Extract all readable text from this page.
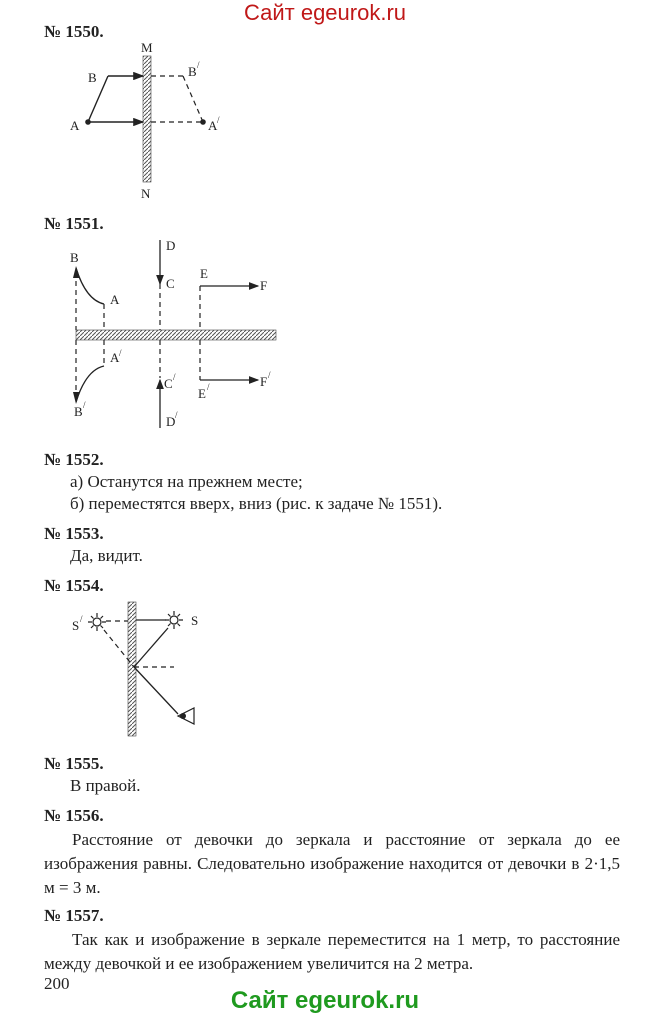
Сайт egeurok.ru
№ 1550.
M
N
A
B
A /
B /
B
A
D
C
E
F
A /
B /
C /
D /
E /	F /
S /	S
№ 1551.
№ 1552.
а) Останутся на прежнем месте;
б) переместятся вверх, вниз (рис. к задаче № 1551).
№ 1553.
Да, видит.
№ 1554.
№ 1555.
В правой.
№ 1556.
Расстояние от девочки до зеркала и расстояние от зеркала до ее изображения равны. Следовательно изображение находится от девочки в 2·1,5 м = 3 м.
№ 1557.
Так как и изображение в зеркале переместится на 1 метр, то расстояние между девочкой и ее изображением увеличится на 2 метра.
200
Сайт egeurok.ru
